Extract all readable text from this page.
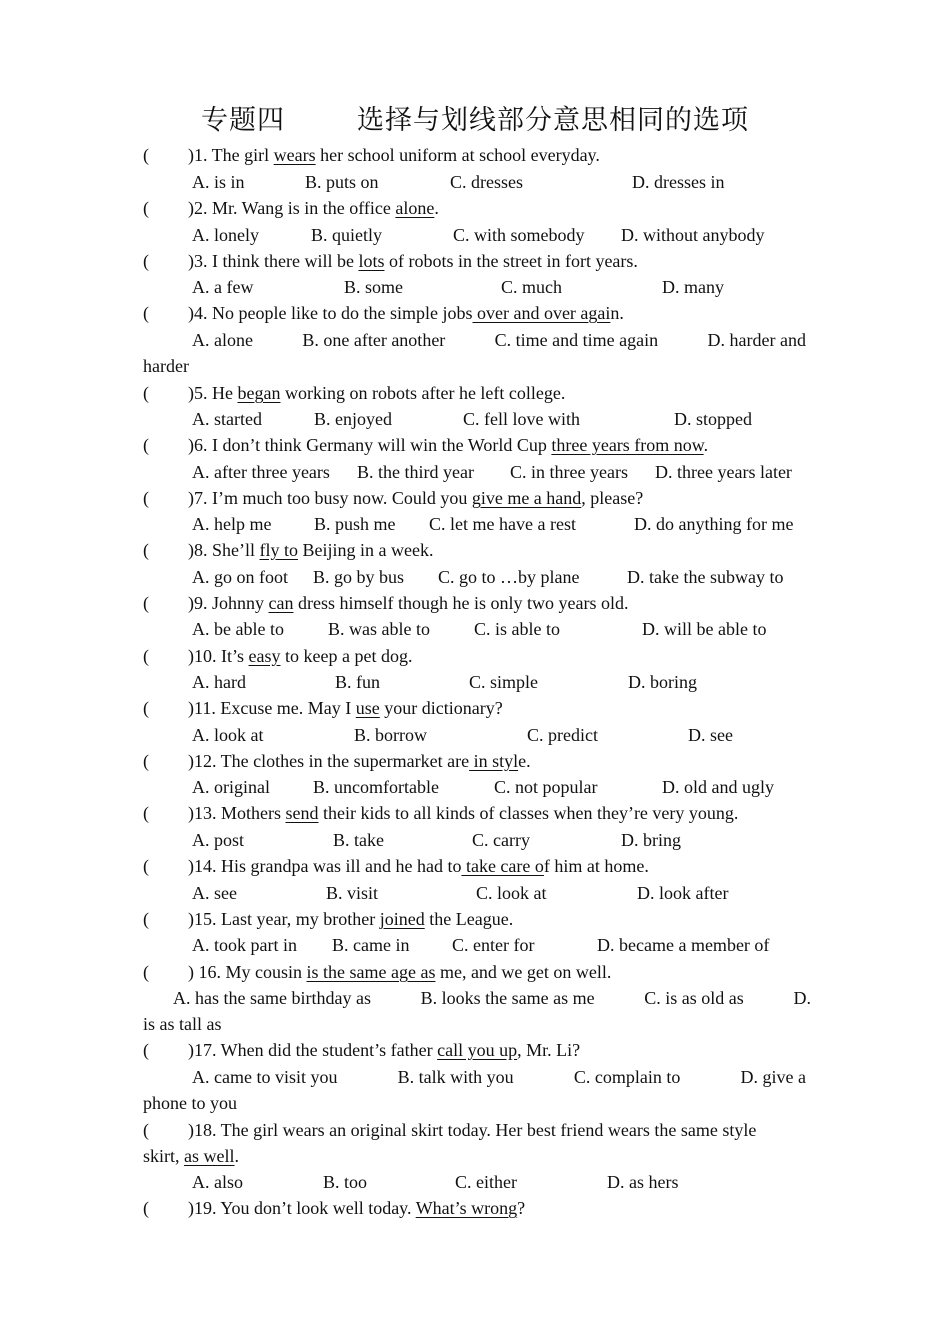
专题四	选择与划线部分意思相同的选项
( )1. The girl wears her school uniform at school everyday.
A. is in	B. puts on	C. dresses	D. dresses in
( )2. Mr. Wang is in the office alone.
A. lonely	B. quietly	C. with somebody D. without anybody
( )3. I think there will be lots of robots in the street in fort years.
A. a few	B. some	C. much	D. many
( )4. No people like to do the simple jobs over and over again.
A. alone	B. one after another	C. time and time again	D. harder and
harder
( )5. He began working on robots after he left college.
A. started	B. enjoyed	C. fell love with	D. stopped
( )6. I don’t think Germany will win the World Cup three years from now.
A. after three years B. the third year C. in three years D. three years later
( )7. I’m much too busy now. Could you give me a hand, please?
A. help me B. push me C. let me have a rest	D. do anything for me
( )8. She’ll fly to Beijing in a week.
A. go on foot B. go by bus C. go to …by plane	D. take the subway to
( )9. Johnny can dress himself though he is only two years old.
A. be able to B. was able to C. is able to	D. will be able to
( )10. It’s easy to keep a pet dog.
A. hard	B. fun	C. simple	D. boring
( )11. Excuse me. May I use your dictionary?
A. look at	B. borrow	C. predict	D. see
( )12. The clothes in the supermarket are in style.
A. original B. uncomfortable	C. not popular	D. old and ugly
( )13. Mothers send their kids to all kinds of classes when they’re very young.
A. post	B. take	C. carry	D. bring
( )14. His grandpa was ill and he had to take care of him at home.
A. see	B. visit	C. look at	D. look after
( )15. Last year, my brother joined the League.
A. took part in B. came in C. enter for	D. became a member of
( ) 16. My cousin is the same age as me, and we get on well.
A. has the same birthday as	B. looks the same as me	C. is as old as	D.
is as tall as
( )17. When did the student’s father call you up, Mr. Li?
A. came to visit you	B. talk with you	C. complain to	D. give a
phone to you
( )18. The girl wears an original skirt today. Her best friend wears the same style
skirt, as well.
A. also	B. too	C. either	D. as hers
( )19. You don’t look well today. What’s wrong?
